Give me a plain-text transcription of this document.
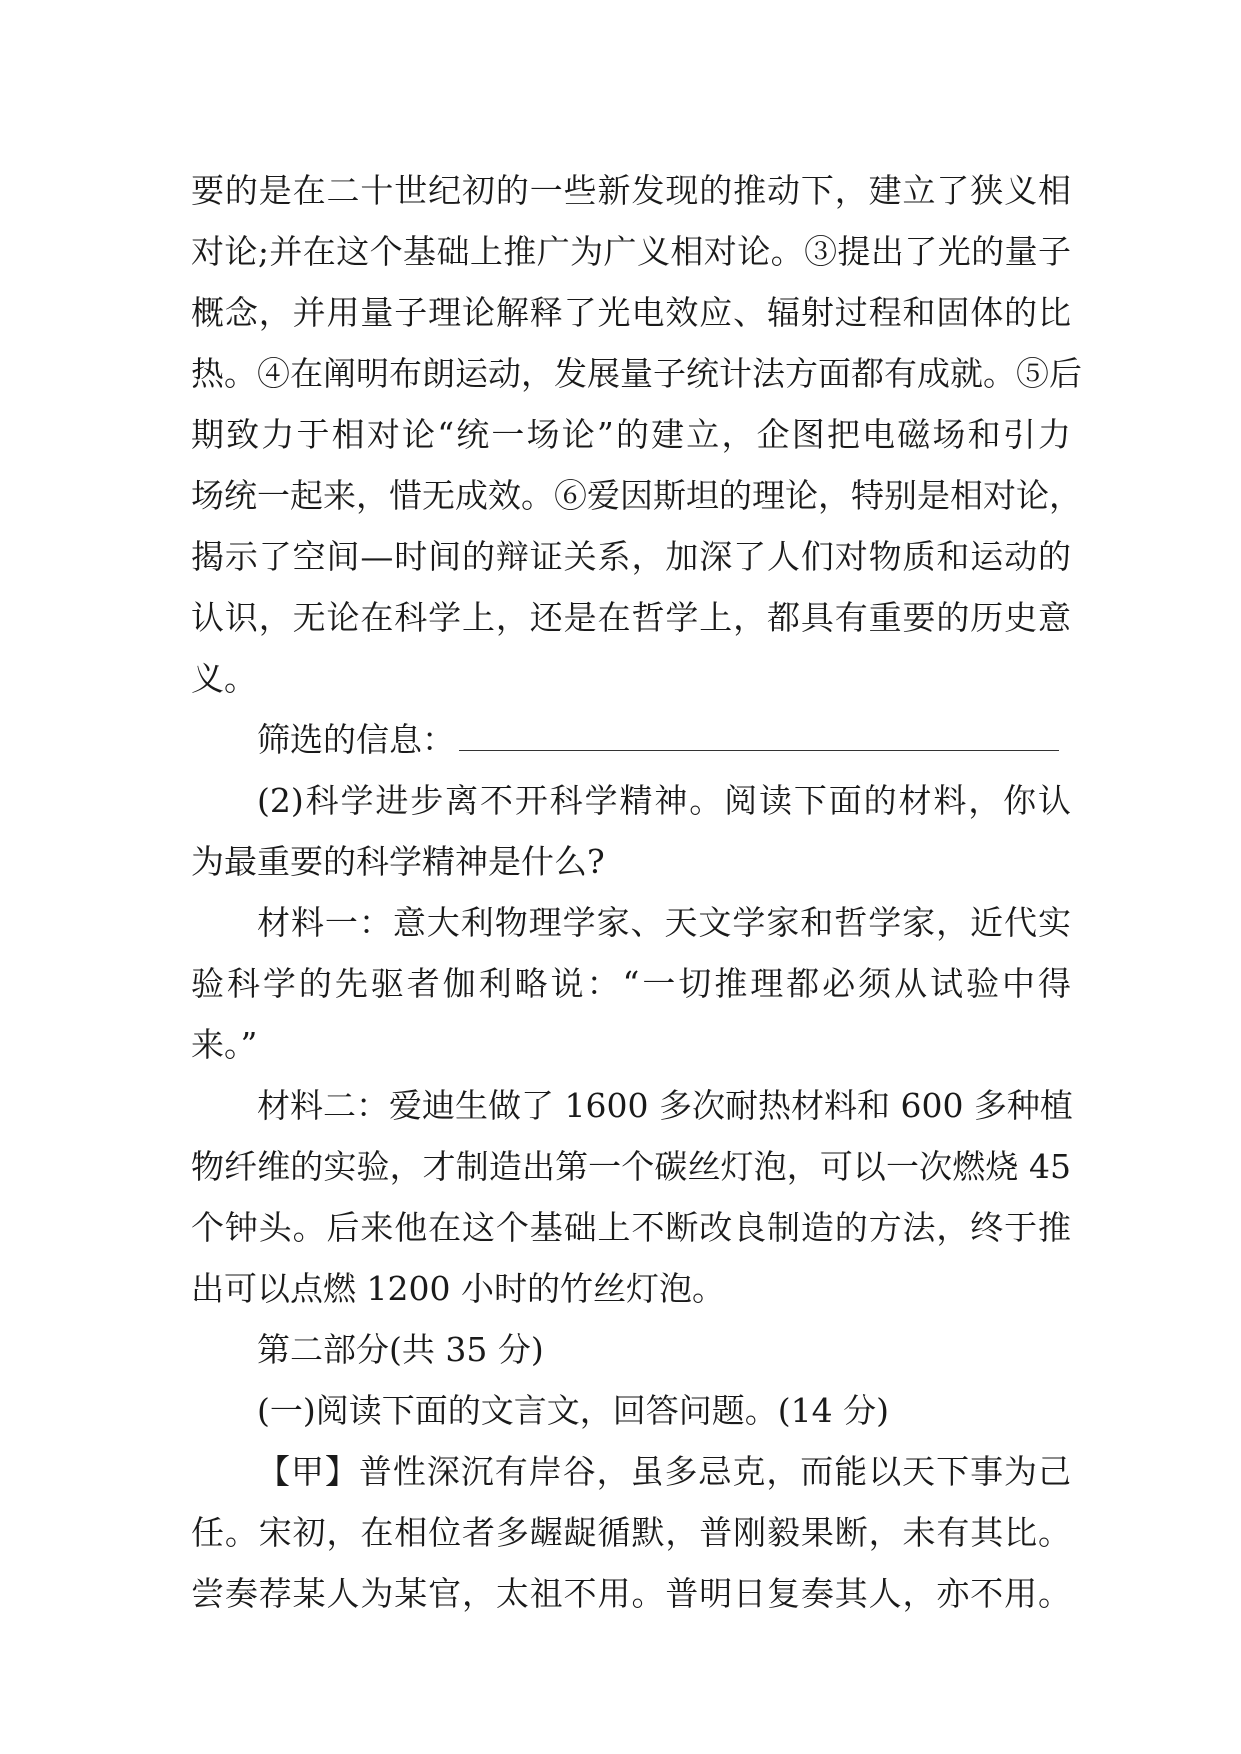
要的是在二十世纪初的一些新发现的推动下，建立了狭义相
对论;并在这个基础上推广为广义相对论。③提出了光的量子
概念，并用量子理论解释了光电效应、辐射过程和固体的比
热。④在阐明布朗运动，发展量子统计法方面都有成就。⑤后
期致力于相对论“统一场论”的建立，企图把电磁场和引力
场统一起来，惜无成效。⑥爱因斯坦的理论，特别是相对论，
揭示了空间—时间的辩证关系，加深了人们对物质和运动的
认识，无论在科学上，还是在哲学上，都具有重要的历史意
义。
筛选的信息：
(2)科学进步离不开科学精神。阅读下面的材料，你认
为最重要的科学精神是什么?
材料一：意大利物理学家、天文学家和哲学家，近代实
验科学的先驱者伽利略说：“一切推理都必须从试验中得
来。”
材料二：爱迪生做了 1600 多次耐热材料和 600 多种植
物纤维的实验，才制造出第一个碳丝灯泡，可以一次燃烧 45
个钟头。后来他在这个基础上不断改良制造的方法，终于推
出可以点燃 1200 小时的竹丝灯泡。
第二部分(共 35 分)
(一)阅读下面的文言文，回答问题。(14 分)
【甲】普性深沉有岸谷，虽多忌克，而能以天下事为己
任。宋初，在相位者多龌龊循默，普刚毅果断，未有其比。
尝奏荐某人为某官，太祖不用。普明日复奏其人，亦不用。
